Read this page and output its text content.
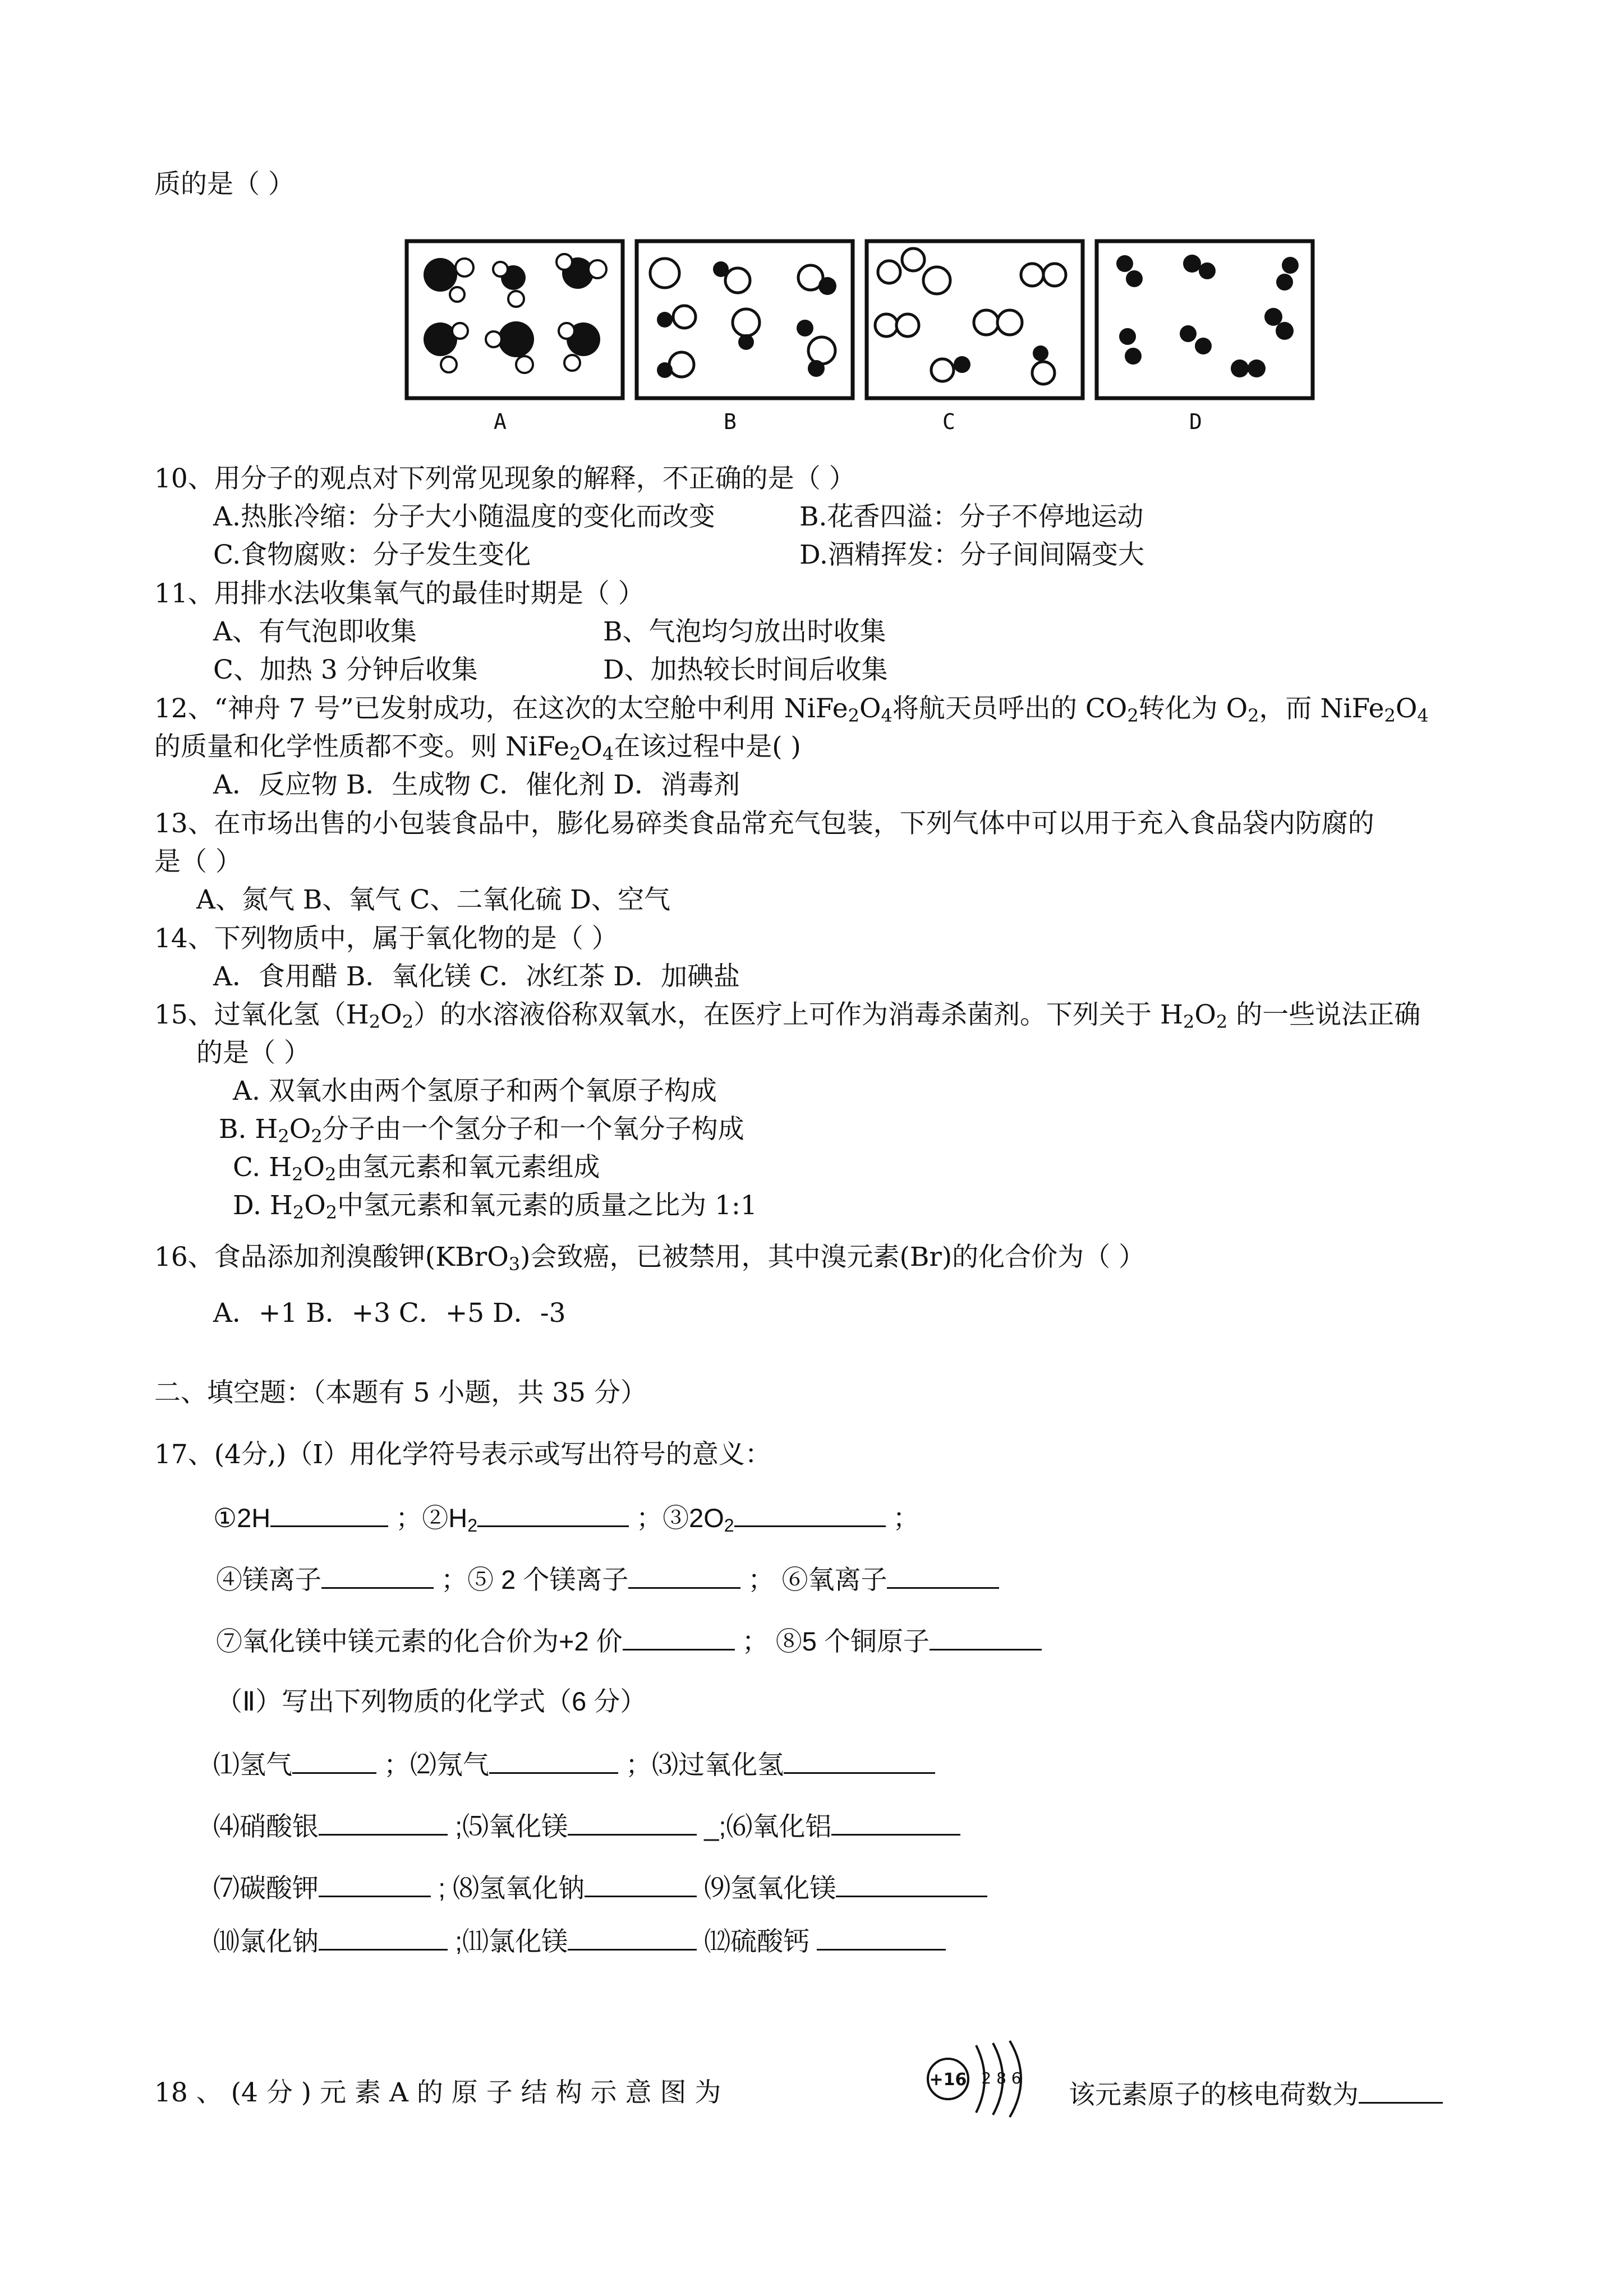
质的是（ ）
A	B	C	D
10、用分子的观点对下列常见现象的解释，不正确的是（ ）
A.热胀冷缩：分子大小随温度的变化而改变	B.花香四溢：分子不停地运动
C.食物腐败：分子发生变化	D.酒精挥发：分子间间隔变大
11、用排水法收集氧气的最佳时期是（ ）
A、有气泡即收集	B、气泡均匀放出时收集
C、加热 3 分钟后收集	D、加热较长时间后收集
12、“神舟 7 号”已发射成功，在这次的太空舱中利用 $NiFe_2O_4$将航天员呼出的 $CO_2$转化为 $O_2$，而 $NiFe_2O_4$
的质量和化学性质都不变。则 $NiFe_2O_4$在该过程中是( )
A．反应物 B．生成物 C．催化剂 D．消毒剂
13、在市场出售的小包装食品中，膨化易碎类食品常充气包装，下列气体中可以用于充入食品袋内防腐的
是（ ）
A、氮气 B、氧气 C、二氧化硫 D、空气
14、下列物质中，属于氧化物的是（ ）
A．食用醋 B．氧化镁 C．冰红茶 D．加碘盐
15、过氧化氢$(H_2O_2)$的水溶液俗称双氧水，在医疗上可作为消毒杀菌剂。下列关于 $H_2O_2$ 的一些说法正确
的是（ ）
A. 双氧水由两个氢原子和两个氧原子构成
B. $H_2O_2$分子由一个氢分子和一个氧分子构成
C. $H_2O_2$由氢元素和氧元素组成
D. $H_2O_2$中氢元素和氧元素的质量之比为 1:1
16、食品添加剂溴酸钾(KBrO$_3$)会致癌，已被禁用，其中溴元素(Br)的化合价为（ ）
A．+1 B．+3 C．+5 D．-3
二、填空题：（本题有 5 小题，共 35 分）
17、(4分,)（Ⅰ）用化学符号表示或写出符号的意义：
①2H	；$②H_2$	；$③2O_2$	；
④镁离子	；⑤ 2 个镁离子	； ⑥氧离子
⑦氧化镁中镁元素的化合价为+2 价	； ⑧5 个铜原子
（Ⅱ）写出下列物质的化学式（6 分）
⑴氢气	；⑵氖气	；⑶过氧化氢
⑷硝酸银	;⑸氧化镁	_;⑹氧化铝
⑺碳酸钾	; ⑻氢氧化钠	⑼氢氧化镁
⑽氯化钠	;⑾氯化镁	⑿硫酸钙
18 、 (4 分 ) 元 素 A 的 原 子 结 构 示 意 图 为	+16 2 8 6
该元素原子的核电荷数为
